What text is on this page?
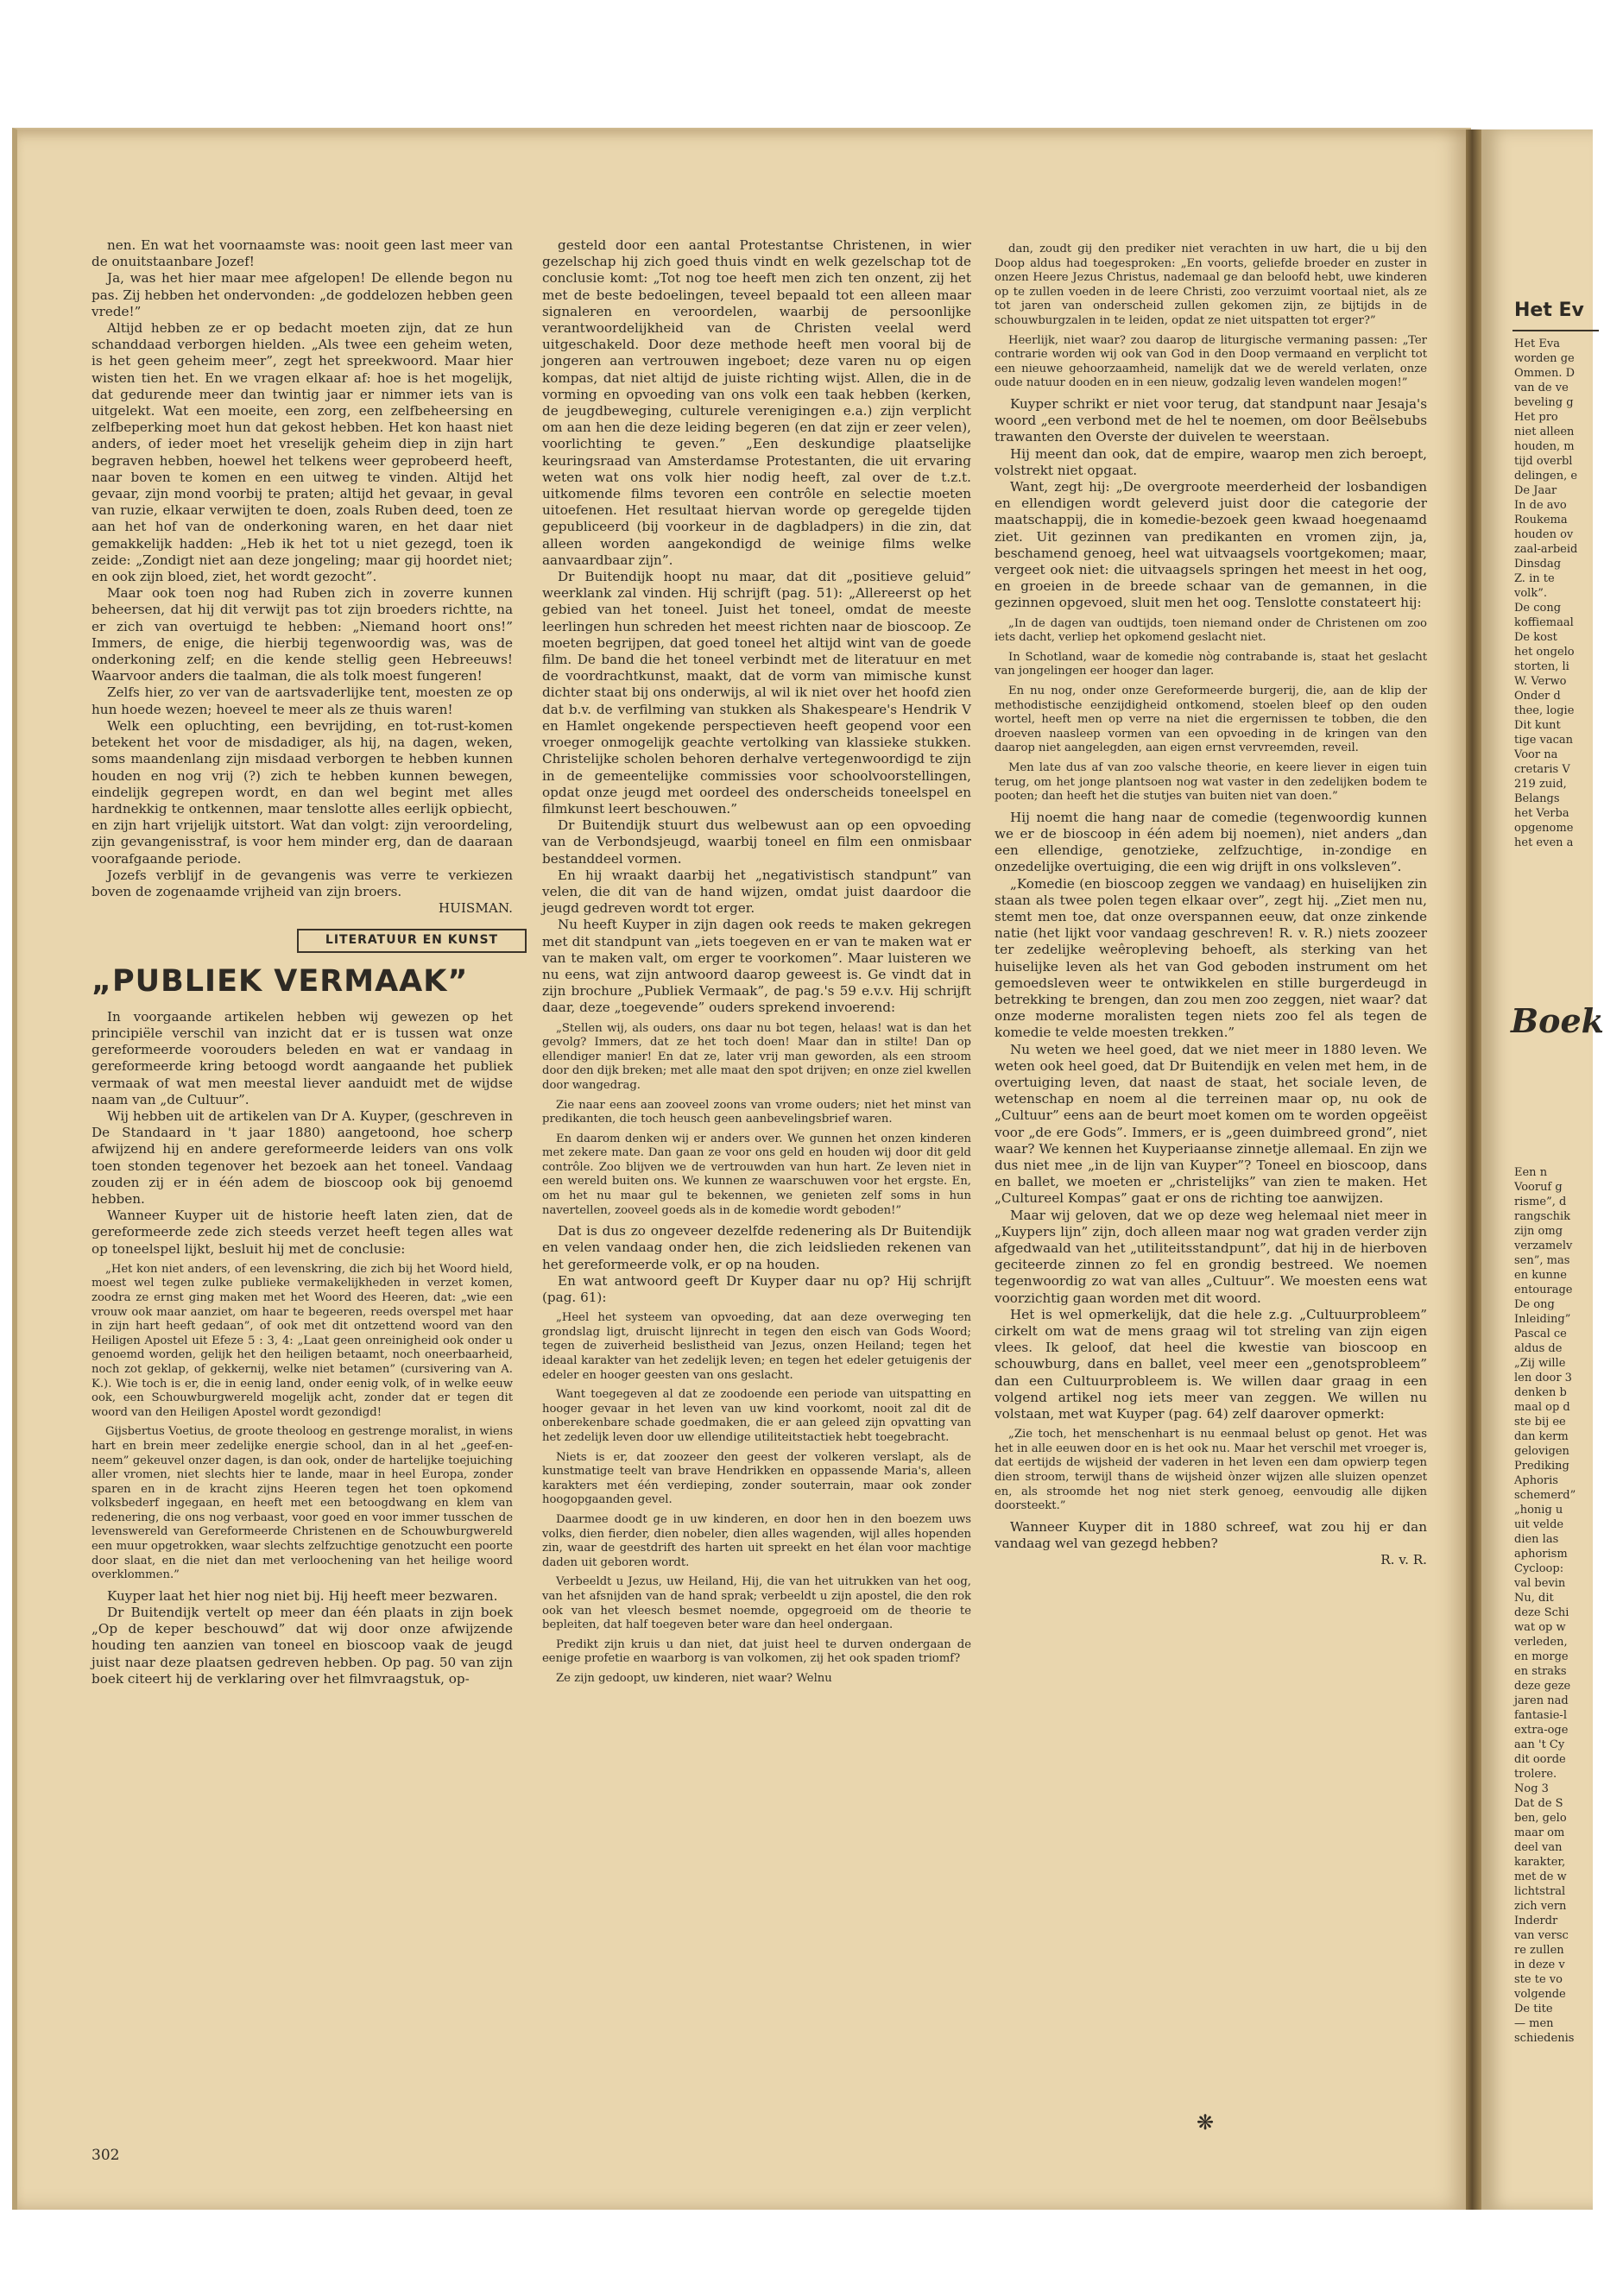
nen. En wat het voornaamste was: nooit geen last meer van de onuitstaanbare Jozef!

Ja, was het hier maar mee afgelopen! De ellende begon nu pas. Zij hebben het ondervonden: „de goddelozen hebben geen vrede!”

Altijd hebben ze er op bedacht moeten zijn, dat ze hun schanddaad verborgen hielden. „Als twee een geheim weten, is het geen geheim meer”, zegt het spreekwoord. Maar hier wisten tien het. En we vragen elkaar af: hoe is het mogelijk, dat gedurende meer dan twintig jaar er nimmer iets van is uitgelekt. Wat een moeite, een zorg, een zelfbeheersing en zelfbeperking moet hun dat gekost hebben. Het kon haast niet anders, of ieder moet het vreselijk geheim diep in zijn hart begraven hebben, hoewel het telkens weer geprobeerd heeft, naar boven te komen en een uitweg te vinden. Altijd het gevaar, zijn mond voorbij te praten; altijd het gevaar, in geval van ruzie, elkaar verwijten te doen, zoals Ruben deed, toen ze aan het hof van de onderkoning waren, en het daar niet gemakkelijk hadden: „Heb ik het tot u niet gezegd, toen ik zeide: „Zondigt niet aan deze jongeling; maar gij hoordet niet; en ook zijn bloed, ziet, het wordt gezocht”.

Maar ook toen nog had Ruben zich in zoverre kunnen beheersen, dat hij dit verwijt pas tot zijn broeders richtte, na er zich van overtuigd te hebben: „Niemand hoort ons!” Immers, de enige, die hierbij tegenwoordig was, was de onderkoning zelf; en die kende stellig geen Hebreeuws! Waarvoor anders die taalman, die als tolk moest fungeren!

Zelfs hier, zo ver van de aartsvaderlijke tent, moesten ze op hun hoede wezen; hoeveel te meer als ze thuis waren!

Welk een opluchting, een bevrijding, en tot-rust-komen betekent het voor de misdadiger, als hij, na dagen, weken, soms maandenlang zijn misdaad verborgen te hebben kunnen houden en nog vrij (?) zich te hebben kunnen bewegen, eindelijk gegrepen wordt, en dan wel begint met alles hardnekkig te ontkennen, maar tenslotte alles eerlijk opbiecht, en zijn hart vrijelijk uitstort. Wat dan volgt: zijn veroordeling, zijn gevangenisstraf, is voor hem minder erg, dan de daaraan voorafgaande periode.

Jozefs verblijf in de gevangenis was verre te verkiezen boven de zogenaamde vrijheid van zijn broers.

HUISMAN.

LITERATUUR EN KUNST
„PUBLIEK VERMAAK”

In voorgaande artikelen hebben wij gewezen op het principiële verschil van inzicht dat er is tussen wat onze gereformeerde voorouders beleden en wat er vandaag in gereformeerde kring betoogd wordt aangaande het publiek vermaak of wat men meestal liever aanduidt met de wijdse naam van „de Cultuur”.

Wij hebben uit de artikelen van Dr A. Kuyper, (geschreven in De Standaard in 't jaar 1880) aangetoond, hoe scherp afwijzend hij en andere gereformeerde leiders van ons volk toen stonden tegenover het bezoek aan het toneel. Vandaag zouden zij er in één adem de bioscoop ook bij genoemd hebben.

Wanneer Kuyper uit de historie heeft laten zien, dat de gereformeerde zede zich steeds verzet heeft tegen alles wat op toneelspel lijkt, besluit hij met de conclusie:

„Het kon niet anders, of een levenskring, die zich bij het Woord hield, moest wel tegen zulke publieke vermakelijkheden in verzet komen, zoodra ze ernst ging maken met het Woord des Heeren, dat: „wie een vrouw ook maar aanziet, om haar te begeeren, reeds overspel met haar in zijn hart heeft gedaan”, of ook met dit ontzettend woord van den Heiligen Apostel uit Efeze 5 : 3, 4: „Laat geen onreinigheid ook onder u genoemd worden, gelijk het den heiligen betaamt, noch oneerbaarheid, noch zot geklap, of gekkernij, welke niet betamen” (cursivering van A. K.). Wie toch is er, die in eenig land, onder eenig volk, of in welke eeuw ook, een Schouwburgwereld mogelijk acht, zonder dat er tegen dit woord van den Heiligen Apostel wordt gezondigd!

Gijsbertus Voetius, de groote theoloog en gestrenge moralist, in wiens hart en brein meer zedelijke energie school, dan in al het „geef-en-neem” gekeuvel onzer dagen, is dan ook, onder de hartelijke toejuiching aller vromen, niet slechts hier te lande, maar in heel Europa, zonder sparen en in de kracht zijns Heeren tegen het toen opkomend volksbederf ingegaan, en heeft met een betoogdwang en klem van redenering, die ons nog verbaast, voor goed en voor immer tusschen de levenswereld van Gereformeerde Christenen en de Schouwburgwereld een muur opgetrokken, waar slechts zelfzuchtige genotzucht een poorte door slaat, en die niet dan met verloochening van het heilige woord overklommen.”

Kuyper laat het hier nog niet bij. Hij heeft meer bezwaren.

Dr Buitendijk vertelt op meer dan één plaats in zijn boek „Op de keper beschouwd” dat wij door onze afwijzende houding ten aanzien van toneel en bioscoop vaak de jeugd juist naar deze plaatsen gedreven hebben. Op pag. 50 van zijn boek citeert hij de verklaring over het filmvraagstuk, op-

gesteld door een aantal Protestantse Christenen, in wier gezelschap hij zich goed thuis vindt en welk gezelschap tot de conclusie komt: „Tot nog toe heeft men zich ten onzent, zij het met de beste bedoelingen, teveel bepaald tot een alleen maar signaleren en veroordelen, waarbij de persoonlijke verantwoordelijkheid van de Christen veelal werd uitgeschakeld. Door deze methode heeft men vooral bij de jongeren aan vertrouwen ingeboet; deze varen nu op eigen kompas, dat niet altijd de juiste richting wijst. Allen, die in de vorming en opvoeding van ons volk een taak hebben (kerken, de jeugdbeweging, culturele verenigingen e.a.) zijn verplicht om aan hen die deze leiding begeren (en dat zijn er zeer velen), voorlichting te geven.” „Een deskundige plaatselijke keuringsraad van Amsterdamse Protestanten, die uit ervaring weten wat ons volk hier nodig heeft, zal over de t.z.t. uitkomende films tevoren een contrôle en selectie moeten uitoefenen. Het resultaat hiervan worde op geregelde tijden gepubliceerd (bij voorkeur in de dagbladpers) in die zin, dat alleen worden aangekondigd de weinige films welke aanvaardbaar zijn”.

Dr Buitendijk hoopt nu maar, dat dit „positieve geluid” weerklank zal vinden. Hij schrijft (pag. 51): „Allereerst op het gebied van het toneel. Juist het toneel, omdat de meeste leerlingen hun schreden het meest richten naar de bioscoop. Ze moeten begrijpen, dat goed toneel het altijd wint van de goede film. De band die het toneel verbindt met de literatuur en met de voordrachtkunst, maakt, dat de vorm van mimische kunst dichter staat bij ons onderwijs, al wil ik niet over het hoofd zien dat b.v. de verfilming van stukken als Shakespeare's Hendrik V en Hamlet ongekende perspectieven heeft geopend voor een vroeger onmogelijk geachte vertolking van klassieke stukken. Christelijke scholen behoren derhalve vertegenwoordigd te zijn in de gemeentelijke commissies voor schoolvoorstellingen, opdat onze jeugd met oordeel des onderscheids toneelspel en filmkunst leert beschouwen.”

Dr Buitendijk stuurt dus welbewust aan op een opvoeding van de Verbondsjeugd, waarbij toneel en film een onmisbaar bestanddeel vormen.

En hij wraakt daarbij het „negativistisch standpunt” van velen, die dit van de hand wijzen, omdat juist daardoor die jeugd gedreven wordt tot erger.

Nu heeft Kuyper in zijn dagen ook reeds te maken gekregen met dit standpunt van „iets toegeven en er van te maken wat er van te maken valt, om erger te voorkomen”. Maar luisteren we nu eens, wat zijn antwoord daarop geweest is. Ge vindt dat in zijn brochure „Publiek Vermaak”, de pag.'s 59 e.v.v. Hij schrijft daar, deze „toegevende” ouders sprekend invoerend:

„Stellen wij, als ouders, ons daar nu bot tegen, helaas! wat is dan het gevolg? Immers, dat ze het toch doen! Maar dan in stilte! Dan op ellendiger manier! En dat ze, later vrij man geworden, als een stroom door den dijk breken; met alle maat den spot drijven; en onze ziel kwellen door wangedrag.

Zie naar eens aan zooveel zoons van vrome ouders; niet het minst van predikanten, die toch heusch geen aanbevelingsbrief waren.

En daarom denken wij er anders over. We gunnen het onzen kinderen met zekere mate. Dan gaan ze voor ons geld en houden wij door dit geld contrôle. Zoo blijven we de vertrouwden van hun hart. Ze leven niet in een wereld buiten ons. We kunnen ze waarschuwen voor het ergste. En, om het nu maar gul te bekennen, we genieten zelf soms in hun navertellen, zooveel goeds als in de komedie wordt geboden!”

Dat is dus zo ongeveer dezelfde redenering als Dr Buitendijk en velen vandaag onder hen, die zich leidslieden rekenen van het gereformeerde volk, er op na houden.

En wat antwoord geeft Dr Kuyper daar nu op? Hij schrijft (pag. 61):

„Heel het systeem van opvoeding, dat aan deze overweging ten grondslag ligt, druischt lijnrecht in tegen den eisch van Gods Woord; tegen de zuiverheid beslistheid van Jezus, onzen Heiland; tegen het ideaal karakter van het zedelijk leven; en tegen het edeler getuigenis der edeler en hooger geesten van ons geslacht.

Want toegegeven al dat ze zoodoende een periode van uitspatting en hooger gevaar in het leven van uw kind voorkomt, nooit zal dit de onberekenbare schade goedmaken, die er aan geleed zijn opvatting van het zedelijk leven door uw ellendige utiliteitstactiek hebt toegebracht.

Niets is er, dat zoozeer den geest der volkeren verslapt, als de kunstmatige teelt van brave Hendrikken en oppassende Maria's, alleen karakters met één verdieping, zonder souterrain, maar ook zonder hoogopgaanden gevel.

Daarmee doodt ge in uw kinderen, en door hen in den boezem uws volks, dien fierder, dien nobeler, dien alles wagenden, wijl alles hopenden zin, waar de geestdrift des harten uit spreekt en het élan voor machtige daden uit geboren wordt.

Verbeeldt u Jezus, uw Heiland, Hij, die van het uitrukken van het oog, van het afsnijden van de hand sprak; verbeeldt u zijn apostel, die den rok ook van het vleesch besmet noemde, opgegroeid om de theorie te bepleiten, dat half toegeven beter ware dan heel ondergaan.

Predikt zijn kruis u dan niet, dat juist heel te durven ondergaan de eenige profetie en waarborg is van volkomen, zij het ook spaden triomf?

Ze zijn gedoopt, uw kinderen, niet waar? Welnu

dan, zoudt gij den prediker niet verachten in uw hart, die u bij den Doop aldus had toegesproken: „En voorts, geliefde broeder en zuster in onzen Heere Jezus Christus, nademaal ge dan beloofd hebt, uwe kinderen op te zullen voeden in de leere Christi, zoo verzuimt voortaal niet, als ze tot jaren van onderscheid zullen gekomen zijn, ze bijtijds in de schouwburgzalen in te leiden, opdat ze niet uitspatten tot erger?”

Heerlijk, niet waar? zou daarop de liturgische vermaning passen: „Ter contrarie worden wij ook van God in den Doop vermaand en verplicht tot een nieuwe gehoorzaamheid, namelijk dat we de wereld verlaten, onze oude natuur dooden en in een nieuw, godzalig leven wandelen mogen!”

Kuyper schrikt er niet voor terug, dat standpunt naar Jesaja's woord „een verbond met de hel te noemen, om door Beëlsebubs trawanten den Overste der duivelen te weerstaan.

Hij meent dan ook, dat de empire, waarop men zich beroept, volstrekt niet opgaat.

Want, zegt hij: „De overgroote meerderheid der losbandigen en ellendigen wordt geleverd juist door die categorie der maatschappij, die in komedie-bezoek geen kwaad hoegenaamd ziet. Uit gezinnen van predikanten en vromen zijn, ja, beschamend genoeg, heel wat uitvaagsels voortgekomen; maar, vergeet ook niet: die uitvaagsels springen het meest in het oog, en groeien in de breede schaar van de gemannen, in die gezinnen opgevoed, sluit men het oog. Tenslotte constateert hij:

„In de dagen van oudtijds, toen niemand onder de Christenen om zoo iets dacht, verliep het opkomend geslacht niet.

In Schotland, waar de komedie nòg contrabande is, staat het geslacht van jongelingen eer hooger dan lager.

En nu nog, onder onze Gereformeerde burgerij, die, aan de klip der methodistische eenzijdigheid ontkomend, stoelen bleef op den ouden wortel, heeft men op verre na niet die ergernissen te tobben, die den droeven naasleep vormen van een opvoeding in de kringen van den daarop niet aangelegden, aan eigen ernst vervreemden, reveil.

Men late dus af van zoo valsche theorie, en keere liever in eigen tuin terug, om het jonge plantsoen nog wat vaster in den zedelijken bodem te pooten; dan heeft het die stutjes van buiten niet van doen.”

Hij noemt die hang naar de comedie (tegenwoordig kunnen we er de bioscoop in één adem bij noemen), niet anders „dan een ellendige, genotzieke, zelfzuchtige, in-zondige en onzedelijke overtuiging, die een wig drijft in ons volksleven”.

„Komedie (en bioscoop zeggen we vandaag) en huiselijken zin staan als twee polen tegen elkaar over”, zegt hij. „Ziet men nu, stemt men toe, dat onze overspannen eeuw, dat onze zinkende natie (het lijkt voor vandaag geschreven! R. v. R.) niets zoozeer ter zedelijke weêropleving behoeft, als sterking van het huiselijke leven als het van God geboden instrument om het gemoedsleven weer te ontwikkelen en stille burgerdeugd in betrekking te brengen, dan zou men zoo zeggen, niet waar? dat onze moderne moralisten tegen niets zoo fel als tegen de komedie te velde moesten trekken.”

Nu weten we heel goed, dat we niet meer in 1880 leven. We weten ook heel goed, dat Dr Buitendijk en velen met hem, in de overtuiging leven, dat naast de staat, het sociale leven, de wetenschap en noem al die terreinen maar op, nu ook de „Cultuur” eens aan de beurt moet komen om te worden opgeëist voor „de ere Gods”. Immers, er is „geen duimbreed grond”, niet waar? We kennen het Kuyperiaanse zinnetje allemaal. En zijn we dus niet mee „in de lijn van Kuyper”? Toneel en bioscoop, dans en ballet, we moeten er „christelijks” van zien te maken. Het „Cultureel Kompas” gaat er ons de richting toe aanwijzen.

Maar wij geloven, dat we op deze weg helemaal niet meer in „Kuypers lijn” zijn, doch alleen maar nog wat graden verder zijn afgedwaald van het „utiliteitsstandpunt”, dat hij in de hierboven geciteerde zinnen zo fel en grondig bestreed. We noemen tegenwoordig zo wat van alles „Cultuur”. We moesten eens wat voorzichtig gaan worden met dit woord.

Het is wel opmerkelijk, dat die hele z.g. „Cultuurprobleem” cirkelt om wat de mens graag wil tot streling van zijn eigen vlees. Ik geloof, dat heel die kwestie van bioscoop en schouwburg, dans en ballet, veel meer een „genotsprobleem” dan een Cultuurprobleem is. We willen daar graag in een volgend artikel nog iets meer van zeggen. We willen nu volstaan, met wat Kuyper (pag. 64) zelf daarover opmerkt:

„Zie toch, het menschenhart is nu eenmaal belust op genot. Het was het in alle eeuwen door en is het ook nu. Maar het verschil met vroeger is, dat eertijds de wijsheid der vaderen in het leven een dam opwierp tegen dien stroom, terwijl thans de wijsheid ònzer wijzen alle sluizen openzet en, als stroomde het nog niet sterk genoeg, eenvoudig alle dijken doorsteekt.”

Wanneer Kuyper dit in 1880 schreef, wat zou hij er dan vandaag wel van gezegd hebben?

R. v. R.

❋
302
Het Ev
Het Eva
worden ge
Ommen. D
van de ve
beveling g
Het pro
niet alleen
houden, m
tijd overbl
delingen, e
De Jaar
In de avo
Roukema
houden ov
zaal-arbeid
Dinsdag
Z. in te
volk”.
De cong
koffiemaal
De kost
het ongelo
storten, li
W. Verwo
Onder d
thee, logie
Dit kunt
tige vacan
Voor na
cretaris V
219 zuid,
Belangs
het Verba
opgenome
het even a
Boek
Een n
Vooruf g
risme”, d
rangschik
zijn omg
verzamelv
sen”, mas
en kunne
entourage
De ong
Inleiding”
Pascal ce
aldus de
„Zij wille
len door 3
denken b
maal op d
ste bij ee
dan kerm
gelovigen
Prediking
Aphoris
schemerd”
„honig u
uit velde
dien las
aphorism
Cycloop:
val bevin
Nu, dit
deze Schi
wat op w
verleden,
en morge
en straks
deze geze
jaren nad
fantasie-l
extra-oge
aan 't Cy
dit oorde
trolere.
Nog 3
Dat de S
ben, gelo
maar om
deel van
karakter,
met de w
lichtstral
zich vern
Inderdr
van versc
re zullen
in deze v
ste te vo
volgende
De tite
— men
schiedenis
